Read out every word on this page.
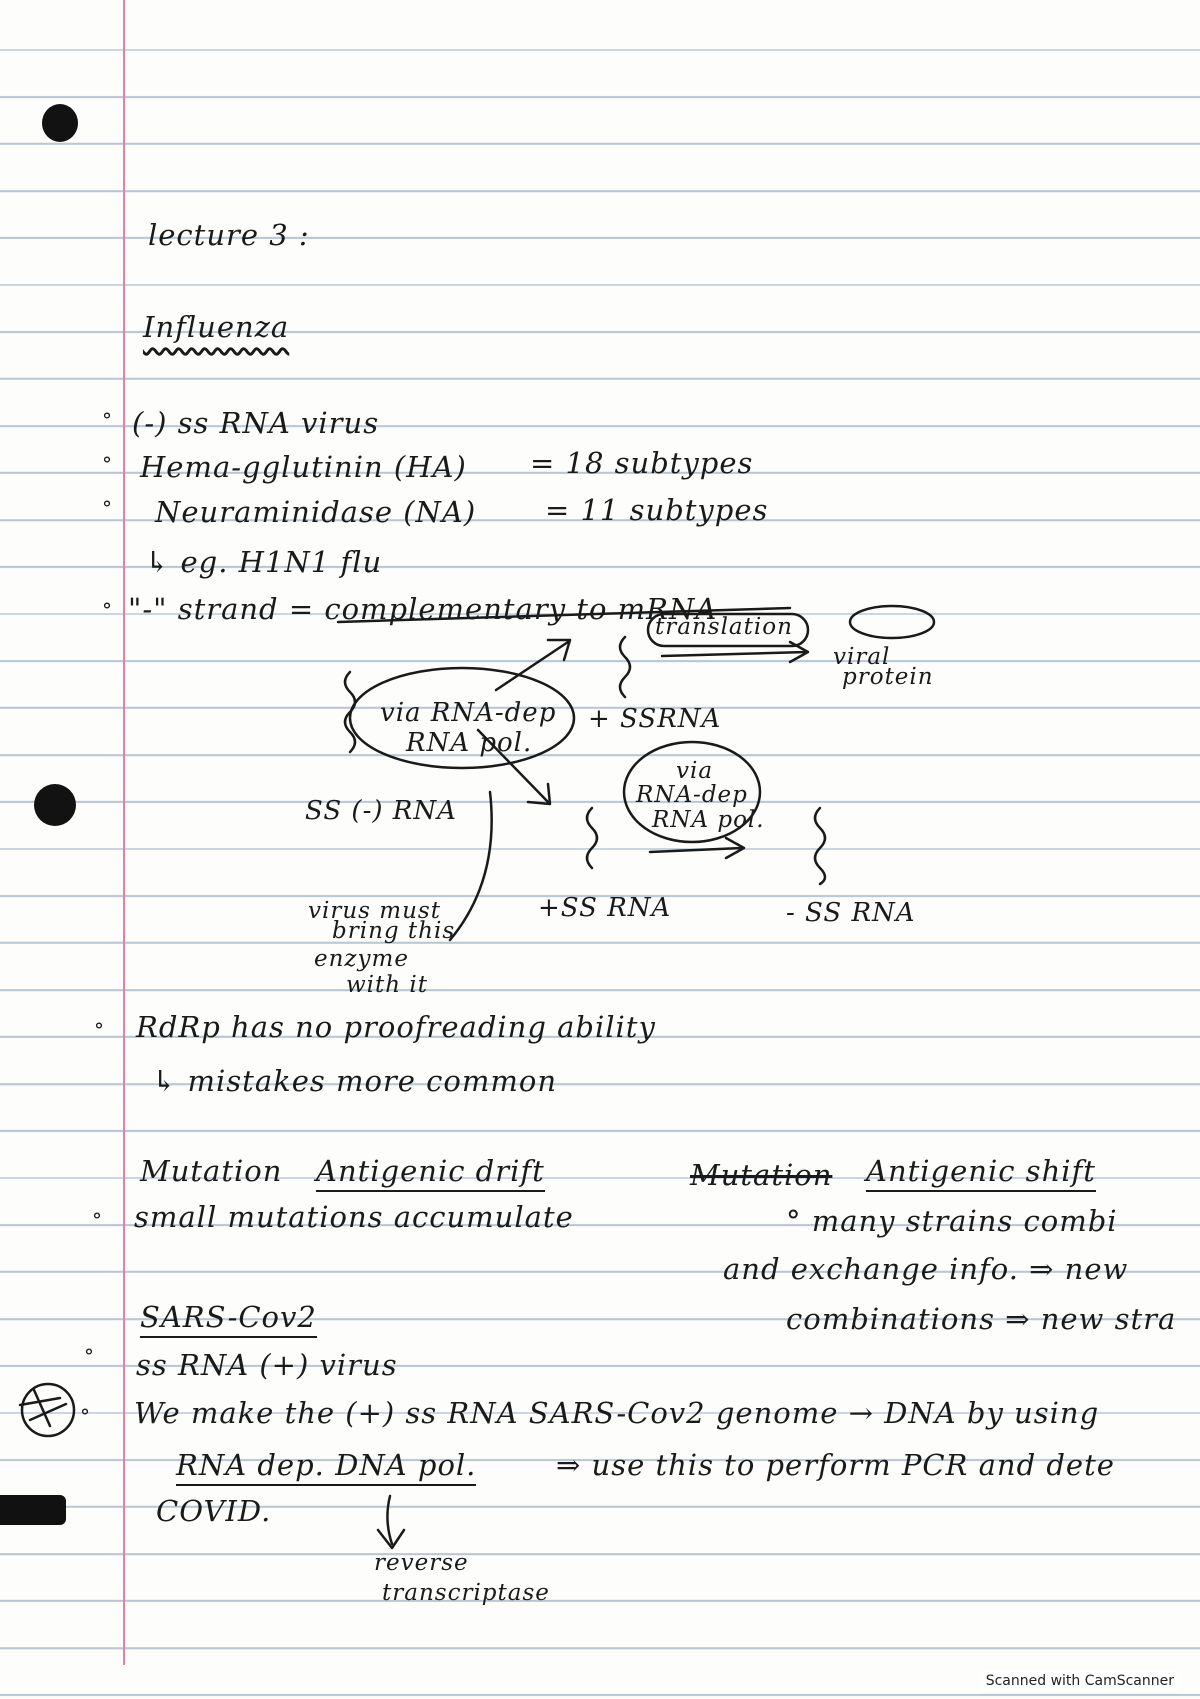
lecture 3 :
Influenza
° (-) ss RNA virus
° Hema-gglutinin (HA) = 18 subtypes
° Neuraminidase (NA) = 11 subtypes
↳ eg. H1N1 flu
° "-" strand = complementary to mRNA
via RNA-dep
RNA pol.
+ SSRNA
translation
viral
protein
SS (-) RNA
via
RNA-dep
RNA pol.
+SS RNA	- SS RNA
virus must
bring this
enzyme
with it
° RdRp has no proofreading ability
↳ mistakes more common
Mutation Antigenic drift
° small mutations accumulate
Mutation Antigenic shift
° many strains combi
and exchange info. ⇒ new
combinations ⇒ new stra
SARS-Cov2
° ss RNA (+) virus
° We make the (+) ss RNA SARS-Cov2 genome → DNA by using
RNA dep. DNA pol.	⇒ use this to perform PCR and dete
COVID.
reverse
transcriptase
Scanned with CamScanner
